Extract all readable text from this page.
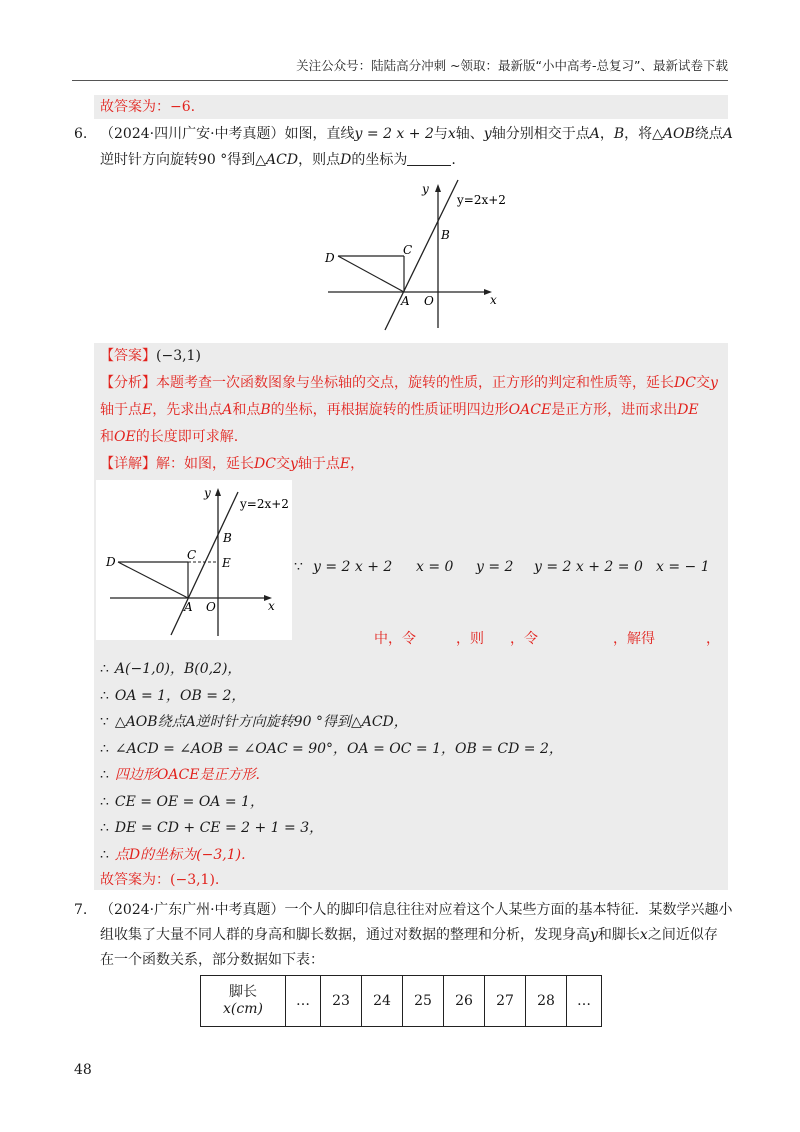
关注公众号：陆陆高分冲刺 ~领取：最新版“小中高考-总复习”、最新试卷下载
故答案为：−6.
6. （2024·四川广安·中考真题）如图，直线y = 2 x + 2与x轴、y轴分别相交于点A，B，将△AOB绕点A
逆时针方向旋转90 °得到△ACD，则点D的坐标为	.
y
x
y=2x+2
B
C
D
A O
【答案】(−3,1)
【分析】本题考查一次函数图象与坐标轴的交点，旋转的性质，正方形的判定和性质等，延长DC交y
轴于点E，先求出点A和点B的坐标，再根据旋转的性质证明四边形OACE是正方形，进而求出DE
和OE的长度即可求解.
【详解】解：如图，延长DC交y轴于点E，
y
x
y=2x+2
B
C
E
D
A O
∵ y = 2 x + 2 x = 0 y = 2 y = 2 x + 2 = 0 x = − 1
中，令	，则 ，令	，解得	，
∴ A(−1,0)，B(0,2)，
∴ OA = 1，OB = 2，
∵ △AOB绕点A逆时针方向旋转90 °得到△ACD，
∴ ∠ACD = ∠AOB = ∠OAC = 90°，OA = OC = 1，OB = CD = 2，
∴ 四边形OACE是正方形.
∴ CE = OE = OA = 1，
∴ DE = CD + CE = 2 + 1 = 3，
∴ 点D的坐标为(−3,1).
故答案为：(−3,1).
7. （2024·广东广州·中考真题）一个人的脚印信息往往对应着这个人某些方面的基本特征．某数学兴趣小
组收集了大量不同人群的身高和脚长数据，通过对数据的整理和分析，发现身高y和脚长x之间近似存
在一个函数关系，部分数据如下表：
脚长
x(cm)	…	23	24	25	26	27	28	…
48
